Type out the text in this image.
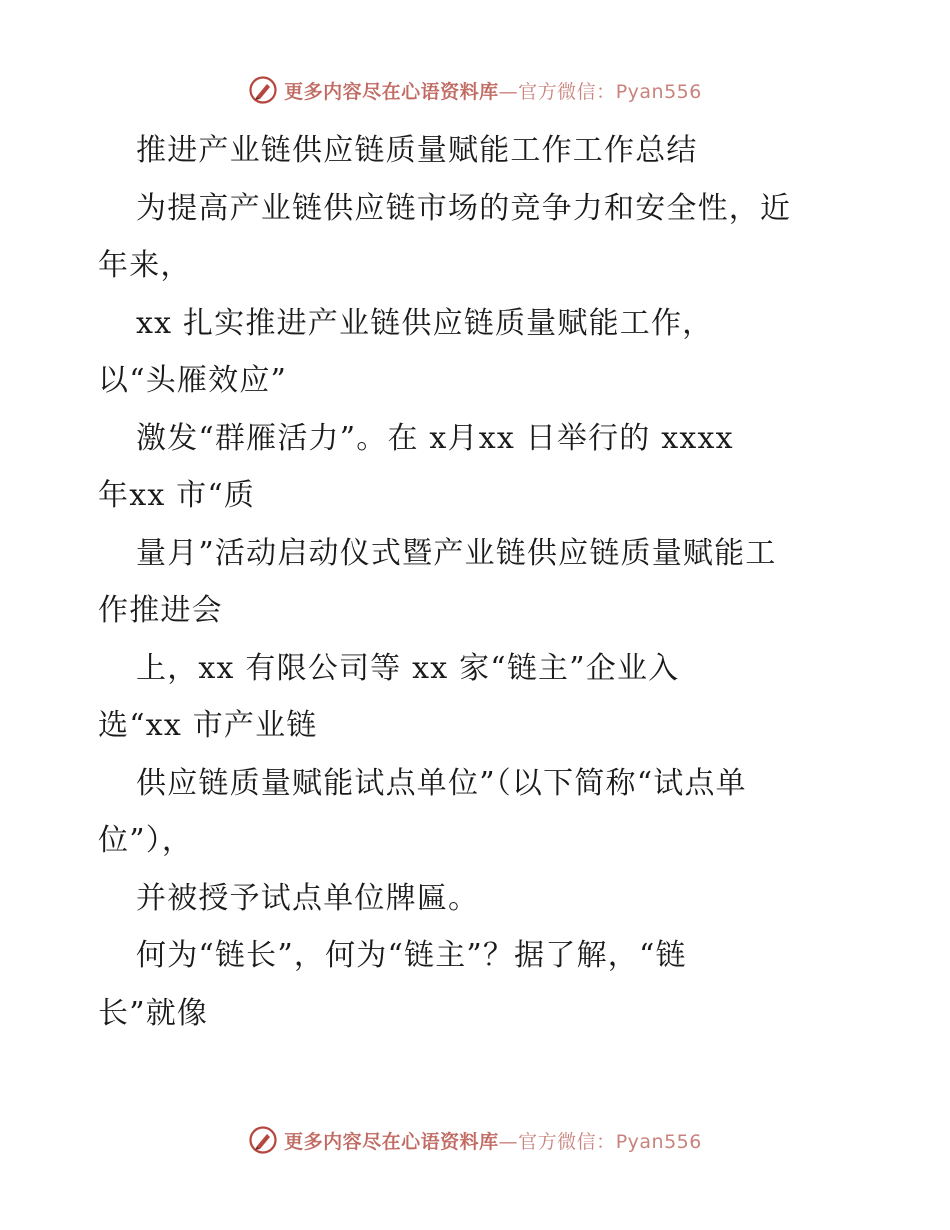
更多内容尽在心语资料库—官方微信：Pyan556
推进产业链供应链质量赋能工作工作总结
为提高产业链供应链市场的竞争力和安全性，近
年来，
xx 扎实推进产业链供应链质量赋能工作，
以“头雁效应”
激发“群雁活力”。在 x月xx 日举行的 xxxx
年xx 市“质
量月”活动启动仪式暨产业链供应链质量赋能工
作推进会
上，xx 有限公司等 xx 家“链主”企业入
选“xx 市产业链
供应链质量赋能试点单位”（以下简称“试点单
位”），
并被授予试点单位牌匾。
何为“链长”，何为“链主”？据了解，“链
长”就像
更多内容尽在心语资料库—官方微信：Pyan556
